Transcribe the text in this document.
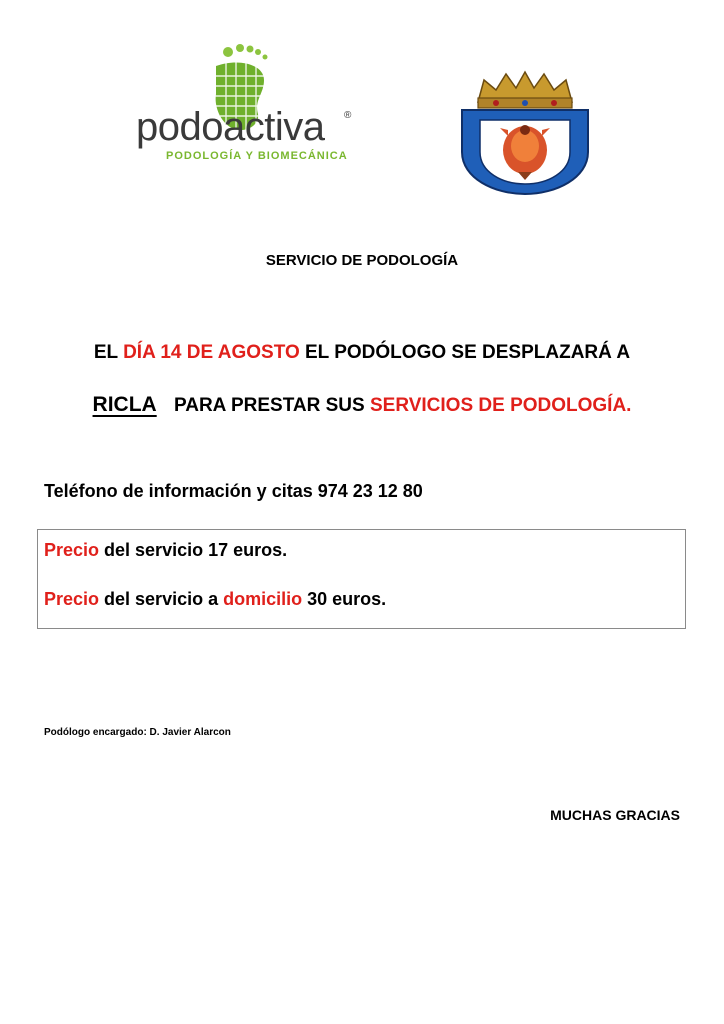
podoactiva ®
PODOLOGÍA Y BIOMECÁNICA
SERVICIO DE PODOLOGÍA
EL DÍA 14 DE AGOSTO EL PODÓLOGO SE DESPLAZARÁ A
RICLA PARA PRESTAR SUS SERVICIOS DE PODOLOGÍA.
Teléfono de información y citas 974 23 12 80
Precio del servicio 17 euros.
Precio del servicio a domicilio 30 euros.
Podólogo encargado: D. Javier Alarcon
MUCHAS GRACIAS
